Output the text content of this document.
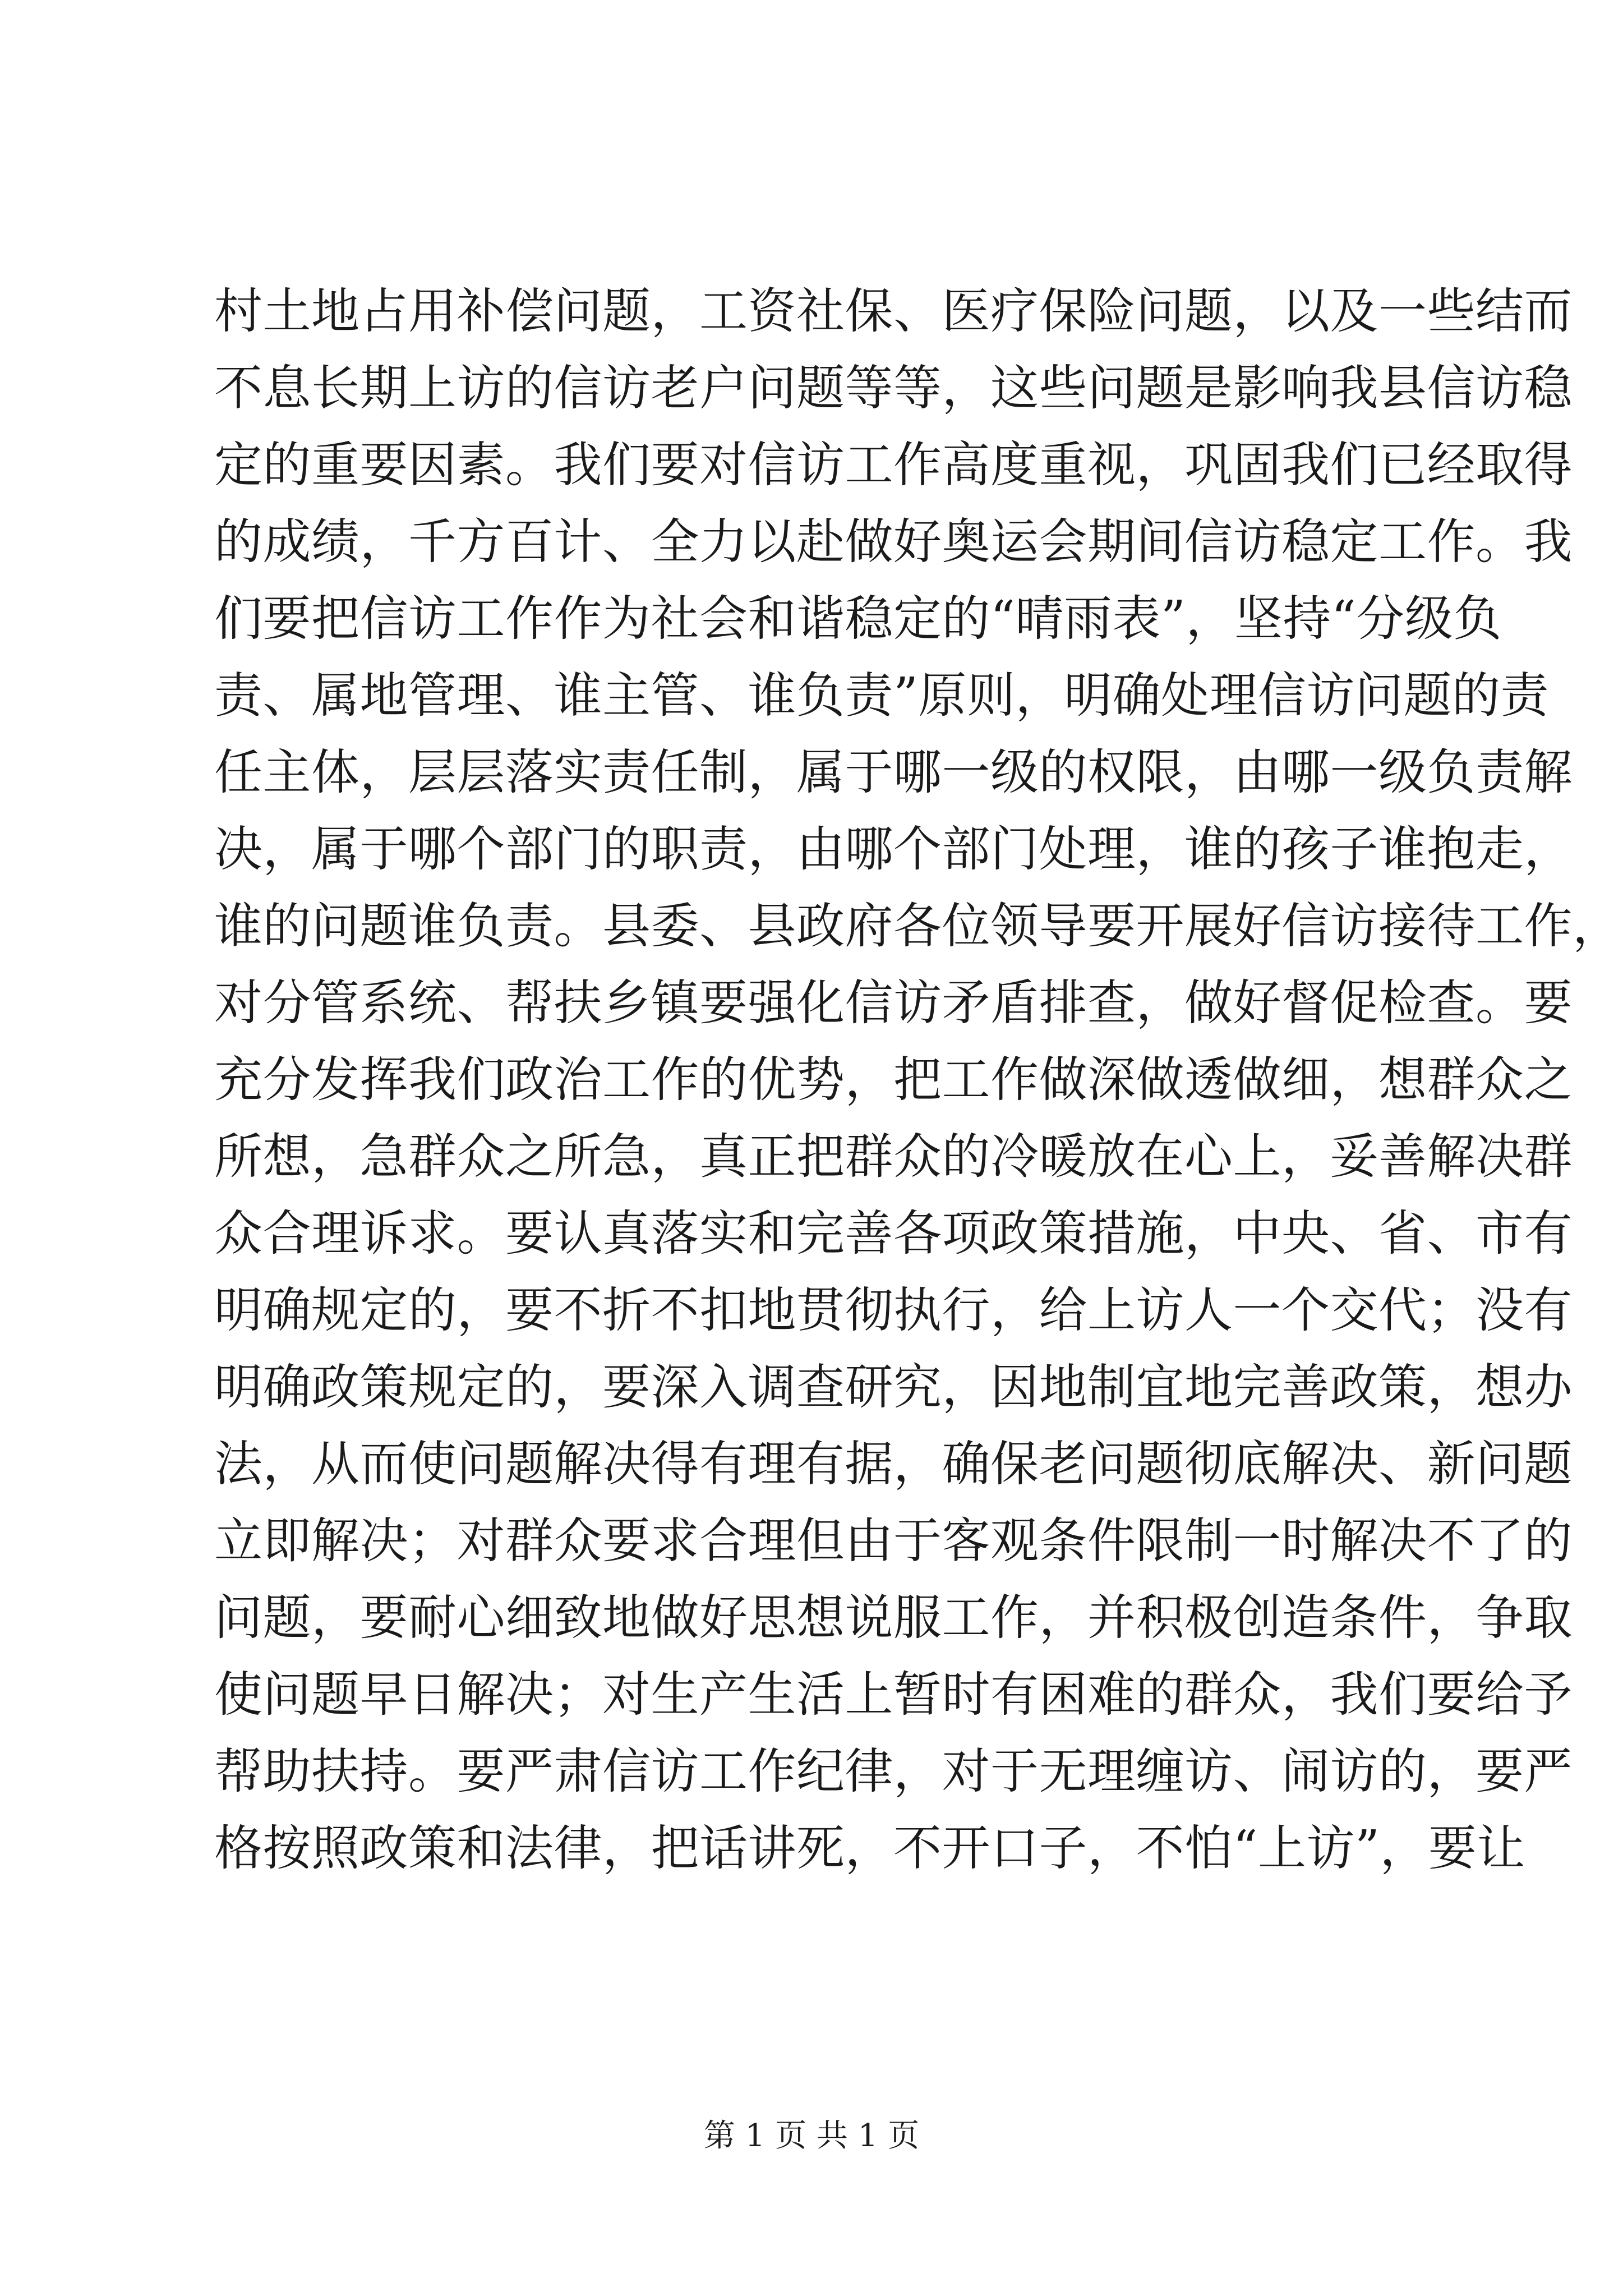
村土地占用补偿问题，工资社保、医疗保险问题，以及一些结而
不息长期上访的信访老户问题等等，这些问题是影响我县信访稳
定的重要因素。我们要对信访工作高度重视，巩固我们已经取得
的成绩，千方百计、全力以赴做好奥运会期间信访稳定工作。我
们要把信访工作作为社会和谐稳定的“晴雨表”，坚持“分级负
责、属地管理、谁主管、谁负责”原则，明确处理信访问题的责
任主体，层层落实责任制，属于哪一级的权限，由哪一级负责解
决，属于哪个部门的职责，由哪个部门处理，谁的孩子谁抱走，
谁的问题谁负责。县委、县政府各位领导要开展好信访接待工作，
对分管系统、帮扶乡镇要强化信访矛盾排查，做好督促检查。要
充分发挥我们政治工作的优势，把工作做深做透做细，想群众之
所想，急群众之所急，真正把群众的冷暖放在心上，妥善解决群
众合理诉求。要认真落实和完善各项政策措施，中央、省、市有
明确规定的，要不折不扣地贯彻执行，给上访人一个交代；没有
明确政策规定的，要深入调查研究，因地制宜地完善政策，想办
法，从而使问题解决得有理有据，确保老问题彻底解决、新问题
立即解决；对群众要求合理但由于客观条件限制一时解决不了的
问题，要耐心细致地做好思想说服工作，并积极创造条件，争取
使问题早日解决；对生产生活上暂时有困难的群众，我们要给予
帮助扶持。要严肃信访工作纪律，对于无理缠访、闹访的，要严
格按照政策和法律，把话讲死，不开口子，不怕“上访”，要让
第 1 页 共 1 页
